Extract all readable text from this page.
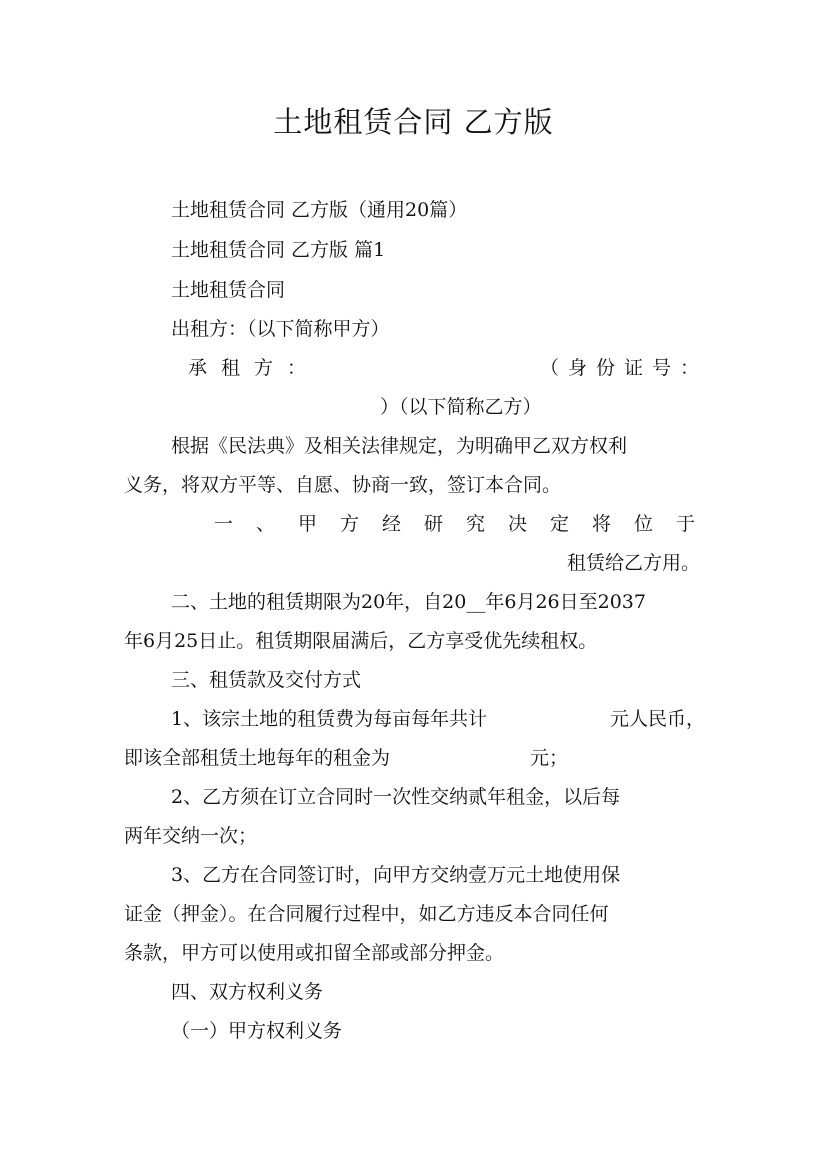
土地租赁合同 乙方版
土地租赁合同 乙方版（通用20篇）
土地租赁合同 乙方版 篇1
土地租赁合同
出租方：（以下简称甲方）
承租方：	（身份证号：
）（以下简称乙方）
根据《民法典》及相关法律规定，为明确甲乙双方权利
义务，将双方平等、自愿、协商一致，签订本合同。
一、甲方经研究决定将位于
租赁给乙方用。
二、土地的租赁期限为20年，自20__年6月26日至2037
年6月25日止。租赁期限届满后，乙方享受优先续租权。
三、租赁款及交付方式
1、该宗土地的租赁费为每亩每年共计	元人民币，
即该全部租赁土地每年的租金为	元；
2、乙方须在订立合同时一次性交纳贰年租金，以后每
两年交纳一次；
3、乙方在合同签订时，向甲方交纳壹万元土地使用保
证金（押金）。在合同履行过程中，如乙方违反本合同任何
条款，甲方可以使用或扣留全部或部分押金。
四、双方权利义务
（一）甲方权利义务
